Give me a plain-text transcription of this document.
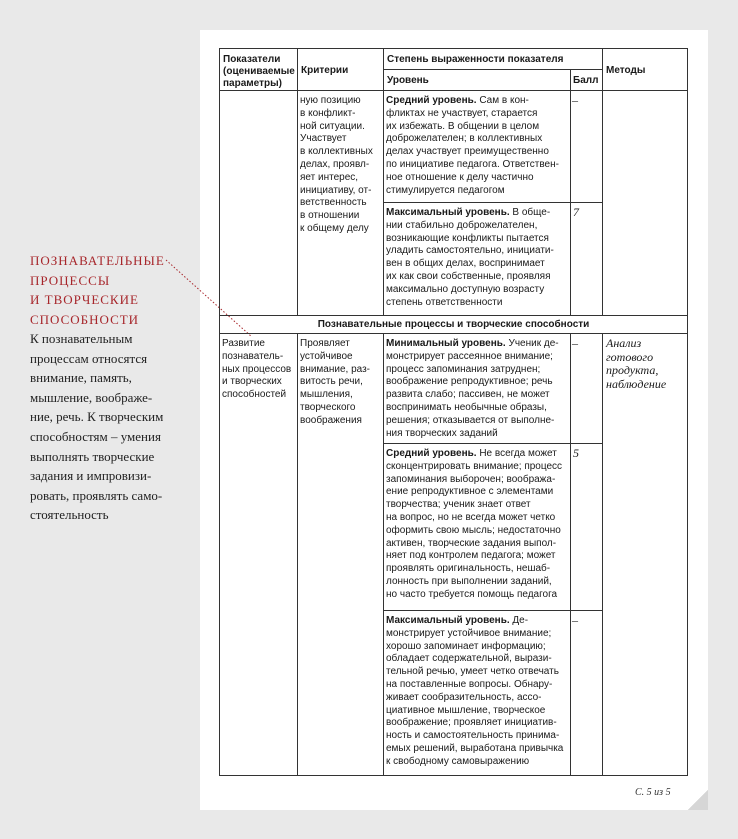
ПОЗНАВАТЕЛЬНЫЕ
ПРОЦЕССЫ
И ТВОРЧЕСКИЕ
СПОСОБНОСТИ
К познавательным
процессам относятся
внимание, память,
мышление, воображе-
ние, речь. К творческим
способностям – умения
выполнять творческие
задания и импровизи-
ровать, проявлять само-
стоятельность
Показатели
(оцениваемые
параметры)
Критерии
Степень выраженности показателя
Уровень	Балл
Методы
ную позицию
в конфликт-
ной ситуации.
Участвует
в коллективных
делах, проявл-
яет интерес,
инициативу, от-
ветственность
в отношении
к общему делу
Средний уровень. Сам в кон-
фликтах не участвует, старается
их избежать. В общении в целом
доброжелателен; в коллективных
делах участвует преимущественно
по инициативе педагога. Ответствен-
ное отношение к делу частично
стимулируется педагогом
–
Максимальный уровень. В обще-
нии стабильно доброжелателен,
возникающие конфликты пытается
уладить самостоятельно, инициати-
вен в общих делах, воспринимает
их как свои собственные, проявляя
максимально доступную возрасту
степень ответственности
7
Познавательные процессы и творческие способности
Развитие
познаватель-
ных процессов
и творческих
способностей
Проявляет
устойчивое
внимание, раз-
витость речи,
мышления,
творческого
воображения
Минимальный уровень. Ученик де-
монстрирует рассеянное внимание;
процесс запоминания затруднен;
воображение репродуктивное; речь
развита слабо; пассивен, не может
воспринимать необычные образы,
решения; отказывается от выполне-
ния творческих заданий
–
Средний уровень. Не всегда может
сконцентрировать внимание; процесс
запоминания выборочен; вообража-
ение репродуктивное с элементами
творчества; ученик знает ответ
на вопрос, но не всегда может четко
оформить свою мысль; недостаточно
активен, творческие задания выпол-
няет под контролем педагога; может
проявлять оригинальность, нешаб-
лонность при выполнении заданий,
но часто требуется помощь педагога
5
Максимальный уровень. Де-
монстрирует устойчивое внимание;
хорошо запоминает информацию;
обладает содержательной, вырази-
тельной речью, умеет четко отвечать
на поставленные вопросы. Обнару-
живает сообразительность, ассо-
циативное мышление, творческое
воображение; проявляет инициатив-
ность и самостоятельность принима-
емых решений, выработана привычка
к свободному самовыражению
–
Анализ
готового
продукта,
наблюдение
С. 5 из 5
